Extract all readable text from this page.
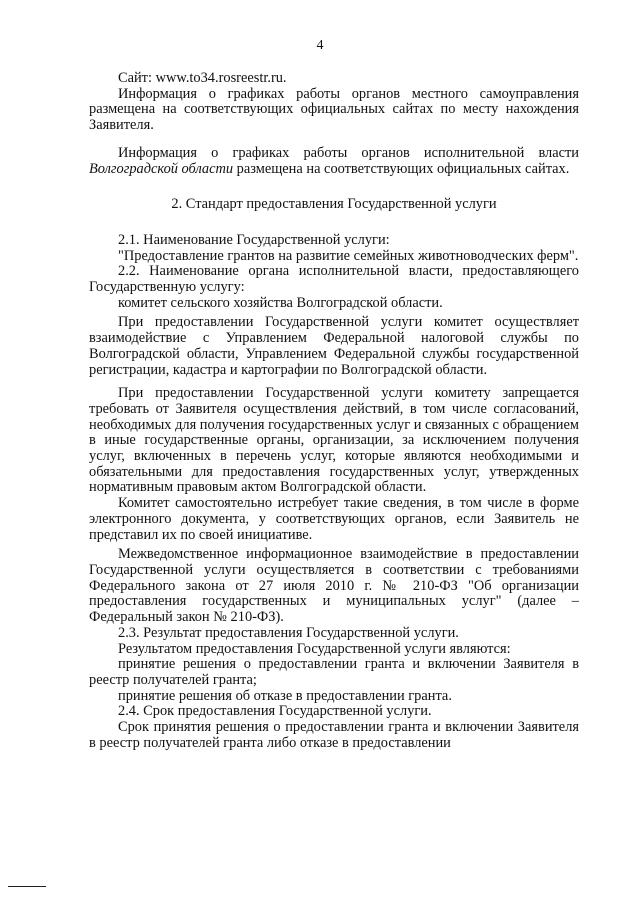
4

Сайт: www.to34.rosreestr.ru.

Информация о графиках работы органов местного самоуправления размещена на соответствующих официальных сайтах по месту нахождения Заявителя.

Информация о графиках работы органов исполнительной власти Волгоградской области размещена на соответствующих официальных сайтах.

2. Стандарт предоставления Государственной услуги

2.1. Наименование Государственной услуги:

"Предоставление грантов на развитие семейных животноводческих ферм".

2.2. Наименование органа исполнительной власти, предоставляющего Государственную услугу:

комитет сельского хозяйства Волгоградской области.

При предоставлении Государственной услуги комитет осуществляет взаимодействие с Управлением Федеральной налоговой службы по Волгоградской области, Управлением Федеральной службы государственной регистрации, кадастра и картографии по Волгоградской области.

При предоставлении Государственной услуги комитету запрещается требовать от Заявителя осуществления действий, в том числе согласований, необходимых для получения государственных услуг и связанных с обращением в иные государственные органы, организации, за исключением получения услуг, включенных в перечень услуг, которые являются необходимыми и обязательными для предоставления государственных услуг, утвержденных нормативным правовым актом Волгоградской области.

Комитет самостоятельно истребует такие сведения, в том числе в форме электронного документа, у соответствующих органов, если Заявитель не представил их по своей инициативе.

Межведомственное информационное взаимодействие в предоставлении Государственной услуги осуществляется в соответствии с требованиями Федерального закона от 27 июля 2010 г. № 210-ФЗ "Об организации предоставления государственных и муниципальных услуг" (далее – Федеральный закон № 210-ФЗ).

2.3. Результат предоставления Государственной услуги.

Результатом предоставления Государственной услуги являются:

принятие решения о предоставлении гранта и включении Заявителя в реестр получателей гранта;

принятие решения об отказе в предоставлении гранта.

2.4. Срок предоставления Государственной услуги.

Срок принятия решения о предоставлении гранта и включении Заявителя в реестр получателей гранта либо отказе в предоставлении
